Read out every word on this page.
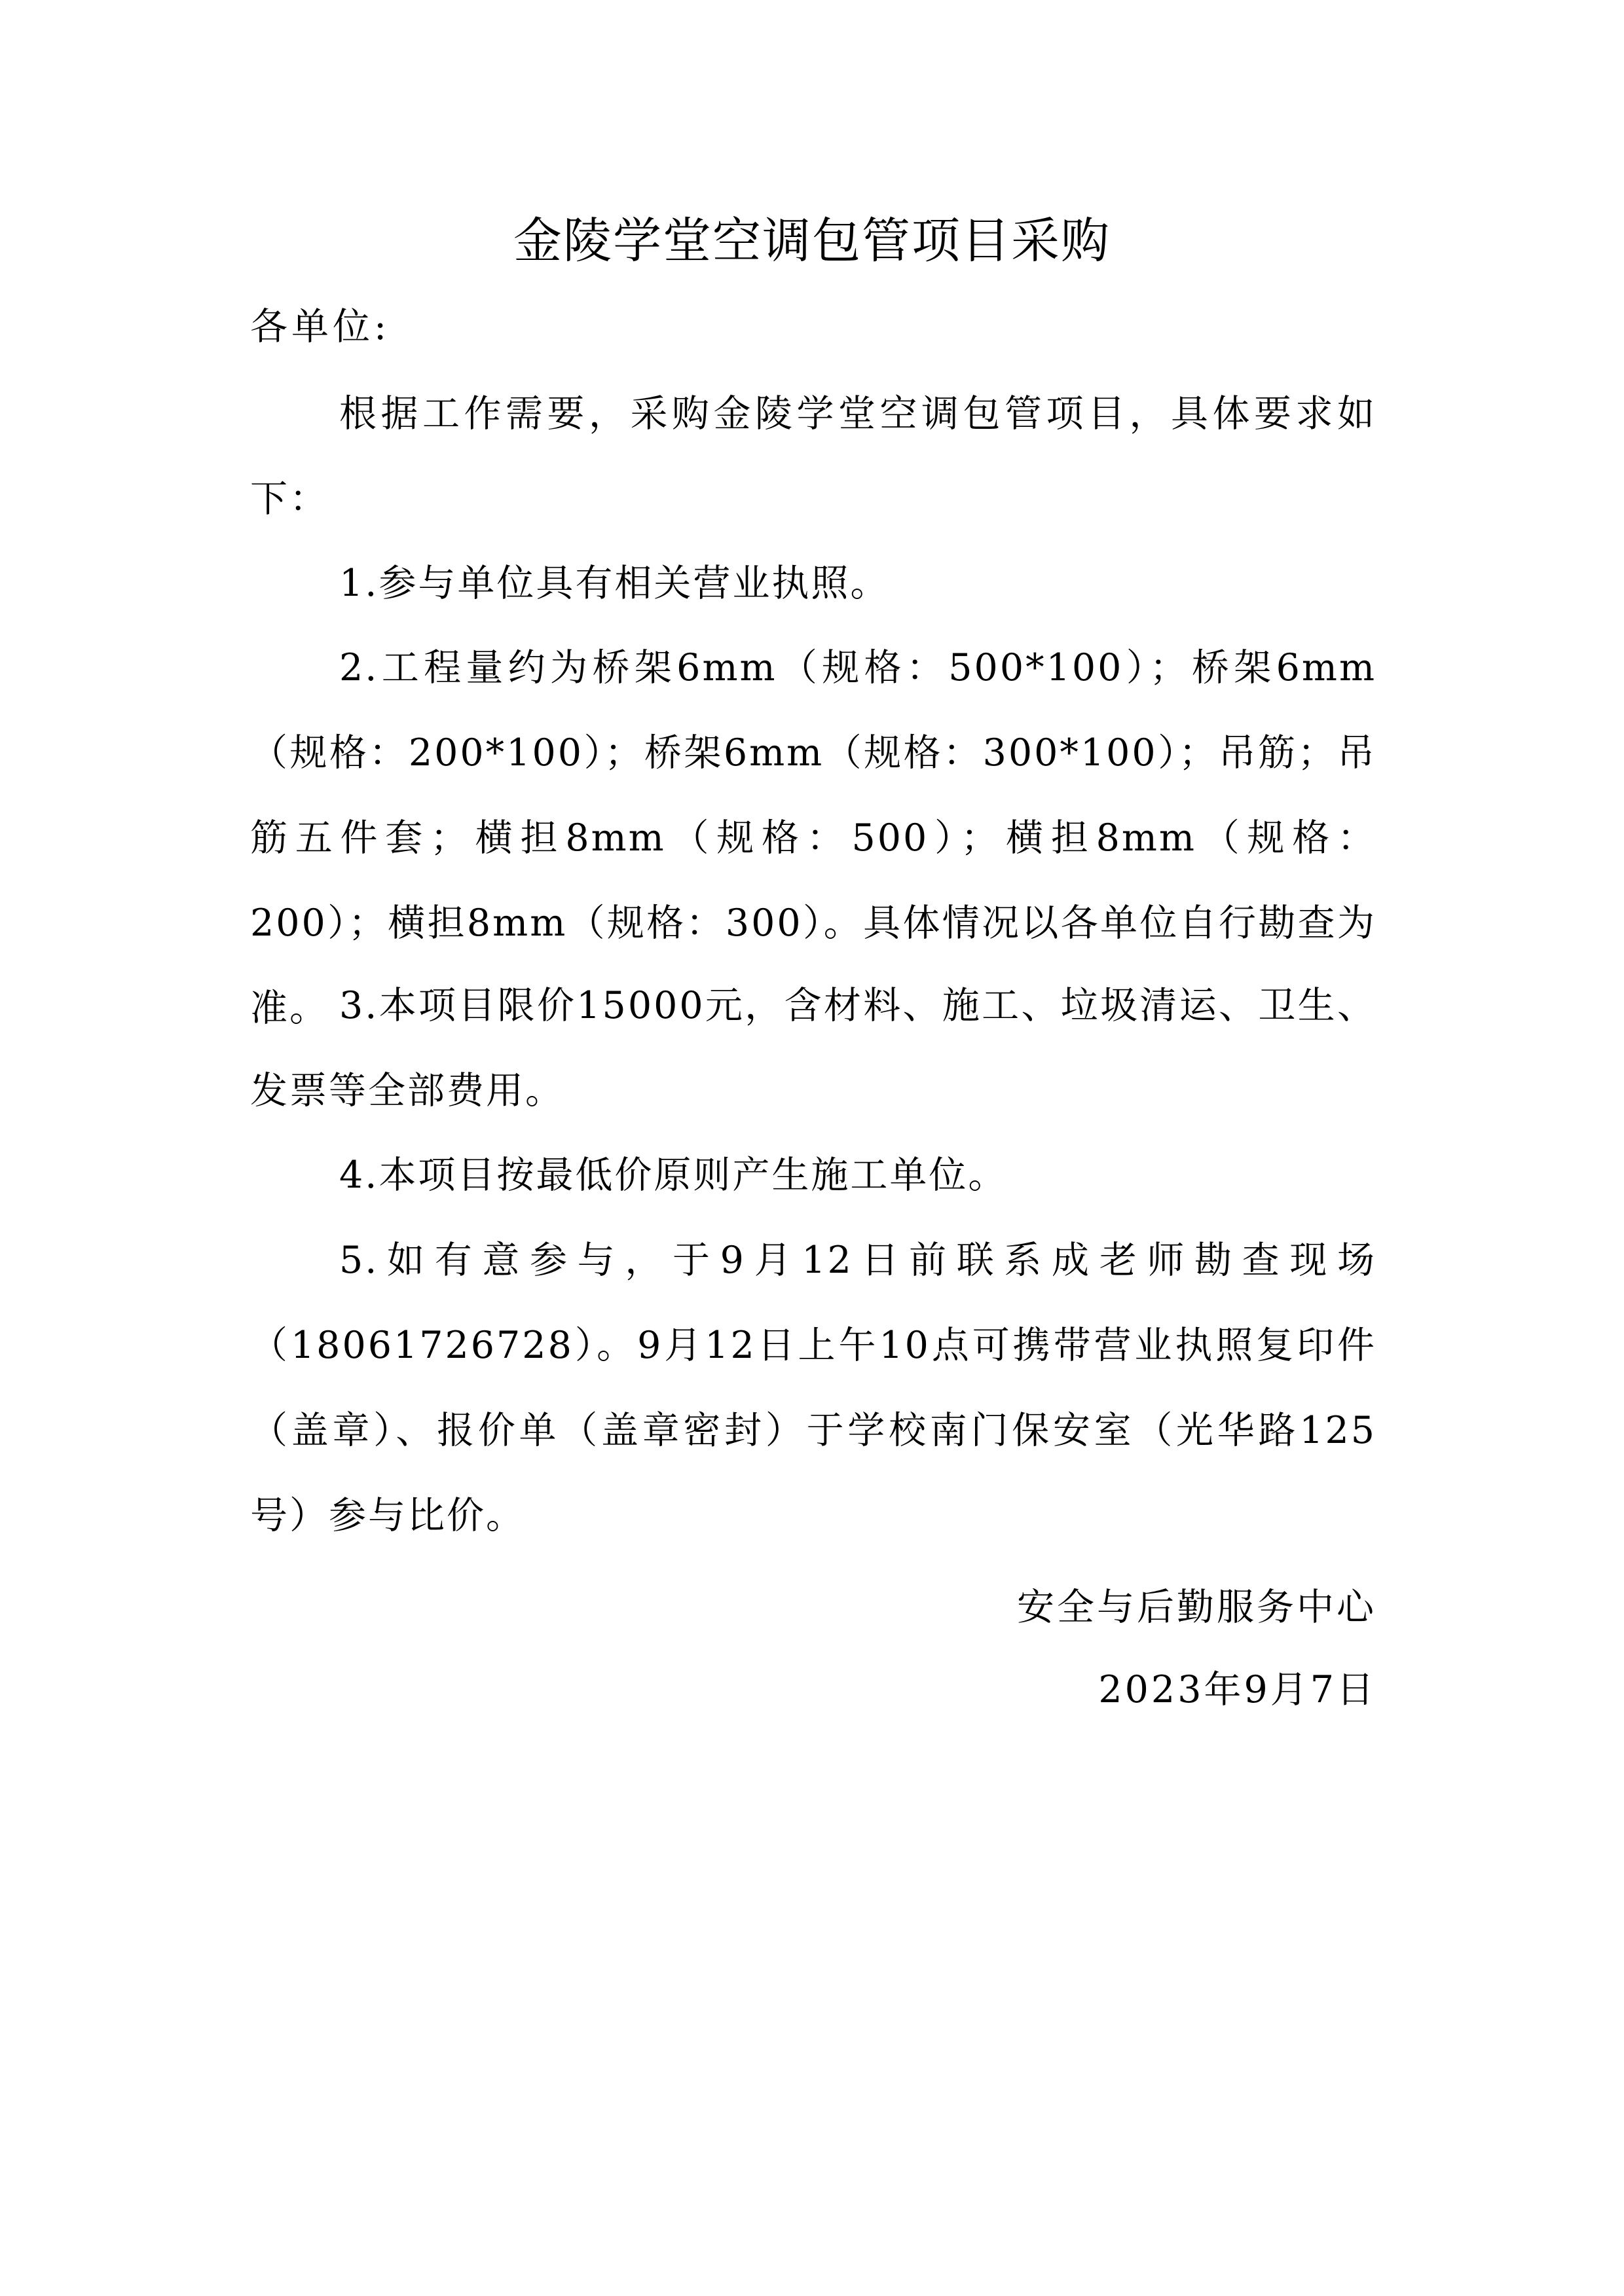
金陵学堂空调包管项目采购
各单位:
根据工作需要，采购金陵学堂空调包管项目，具体要求如下：
1.参与单位具有相关营业执照。
2.工程量约为桥架6mm（规格：500*100）；桥架6mm（规格：200*100）；桥架6mm（规格：300*100）；吊筋；吊筋五件套；横担8mm（规格：500）；横担8mm（规格：200）；横担8mm（规格：300）。具体情况以各单位自行勘查为准。 3.本项目限价15000元，含材料、施工、垃圾清运、卫生、发票等全部费用。
4.本项目按最低价原则产生施工单位。
5.如有意参与，于9月12日前联系成老师勘查现场（18061726728）。9月12日上午10点可携带营业执照复印件（盖章）、报价单（盖章密封）于学校南门保安室（光华路125号）参与比价。
安全与后勤服务中心
2023年9月7日
